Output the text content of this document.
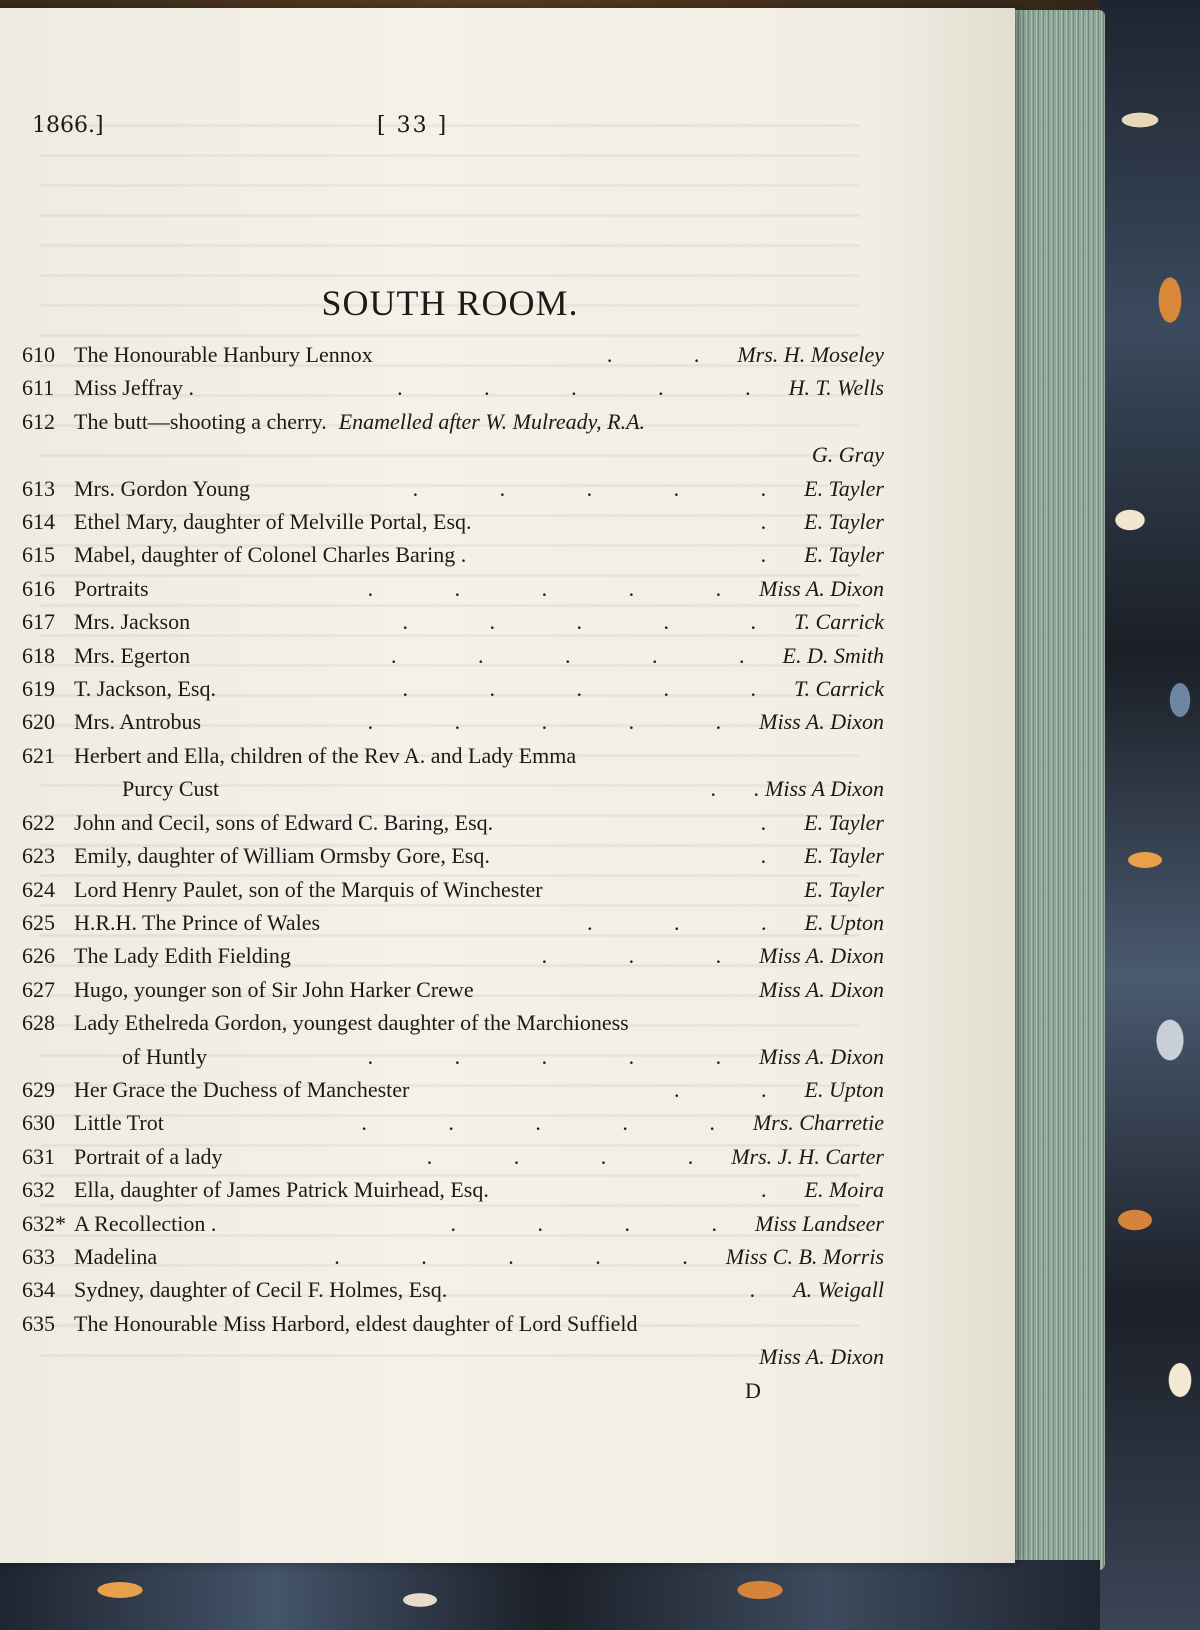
1866.]	[ 33 ]
SOUTH ROOM.
610 The Honourable Hanbury Lennox	. . Mrs. H. Moseley
611 Miss Jeffray .	. . . . . H. T. Wells
612 The butt—shooting a cherry. Enamelled after W. Mulready, R.A.
G. Gray
613 Mrs. Gordon Young	. . . . . E. Tayler
614 Ethel Mary, daughter of Melville Portal, Esq.	. E. Tayler
615 Mabel, daughter of Colonel Charles Baring .	. E. Tayler
616 Portraits	. . . . . Miss A. Dixon
617 Mrs. Jackson	. . . . . T. Carrick
618 Mrs. Egerton	. . . . . E. D. Smith
619 T. Jackson, Esq.	. . . . . T. Carrick
620 Mrs. Antrobus	. . . . . Miss A. Dixon
621 Herbert and Ella, children of the Rev A. and Lady Emma
Purcy Cust	. . Miss A Dixon
622 John and Cecil, sons of Edward C. Baring, Esq.	. E. Tayler
623 Emily, daughter of William Ormsby Gore, Esq.	. E. Tayler
624 Lord Henry Paulet, son of the Marquis of Winchester	E. Tayler
625 H.R.H. The Prince of Wales	. . . E. Upton
626 The Lady Edith Fielding	. . . Miss A. Dixon
627 Hugo, younger son of Sir John Harker Crewe	Miss A. Dixon
628 Lady Ethelreda Gordon, youngest daughter of the Marchioness
of Huntly	. . . . . Miss A. Dixon
629 Her Grace the Duchess of Manchester	. . E. Upton
630 Little Trot	. . . . . Mrs. Charretie
631 Portrait of a lady	. . . . Mrs. J. H. Carter
632 Ella, daughter of James Patrick Muirhead, Esq.	. E. Moira
632* A Recollection .	. . . . Miss Landseer
633 Madelina	. . . . . Miss C. B. Morris
634 Sydney, daughter of Cecil F. Holmes, Esq.	. A. Weigall
635 The Honourable Miss Harbord, eldest daughter of Lord Suffield
Miss A. Dixon
D
